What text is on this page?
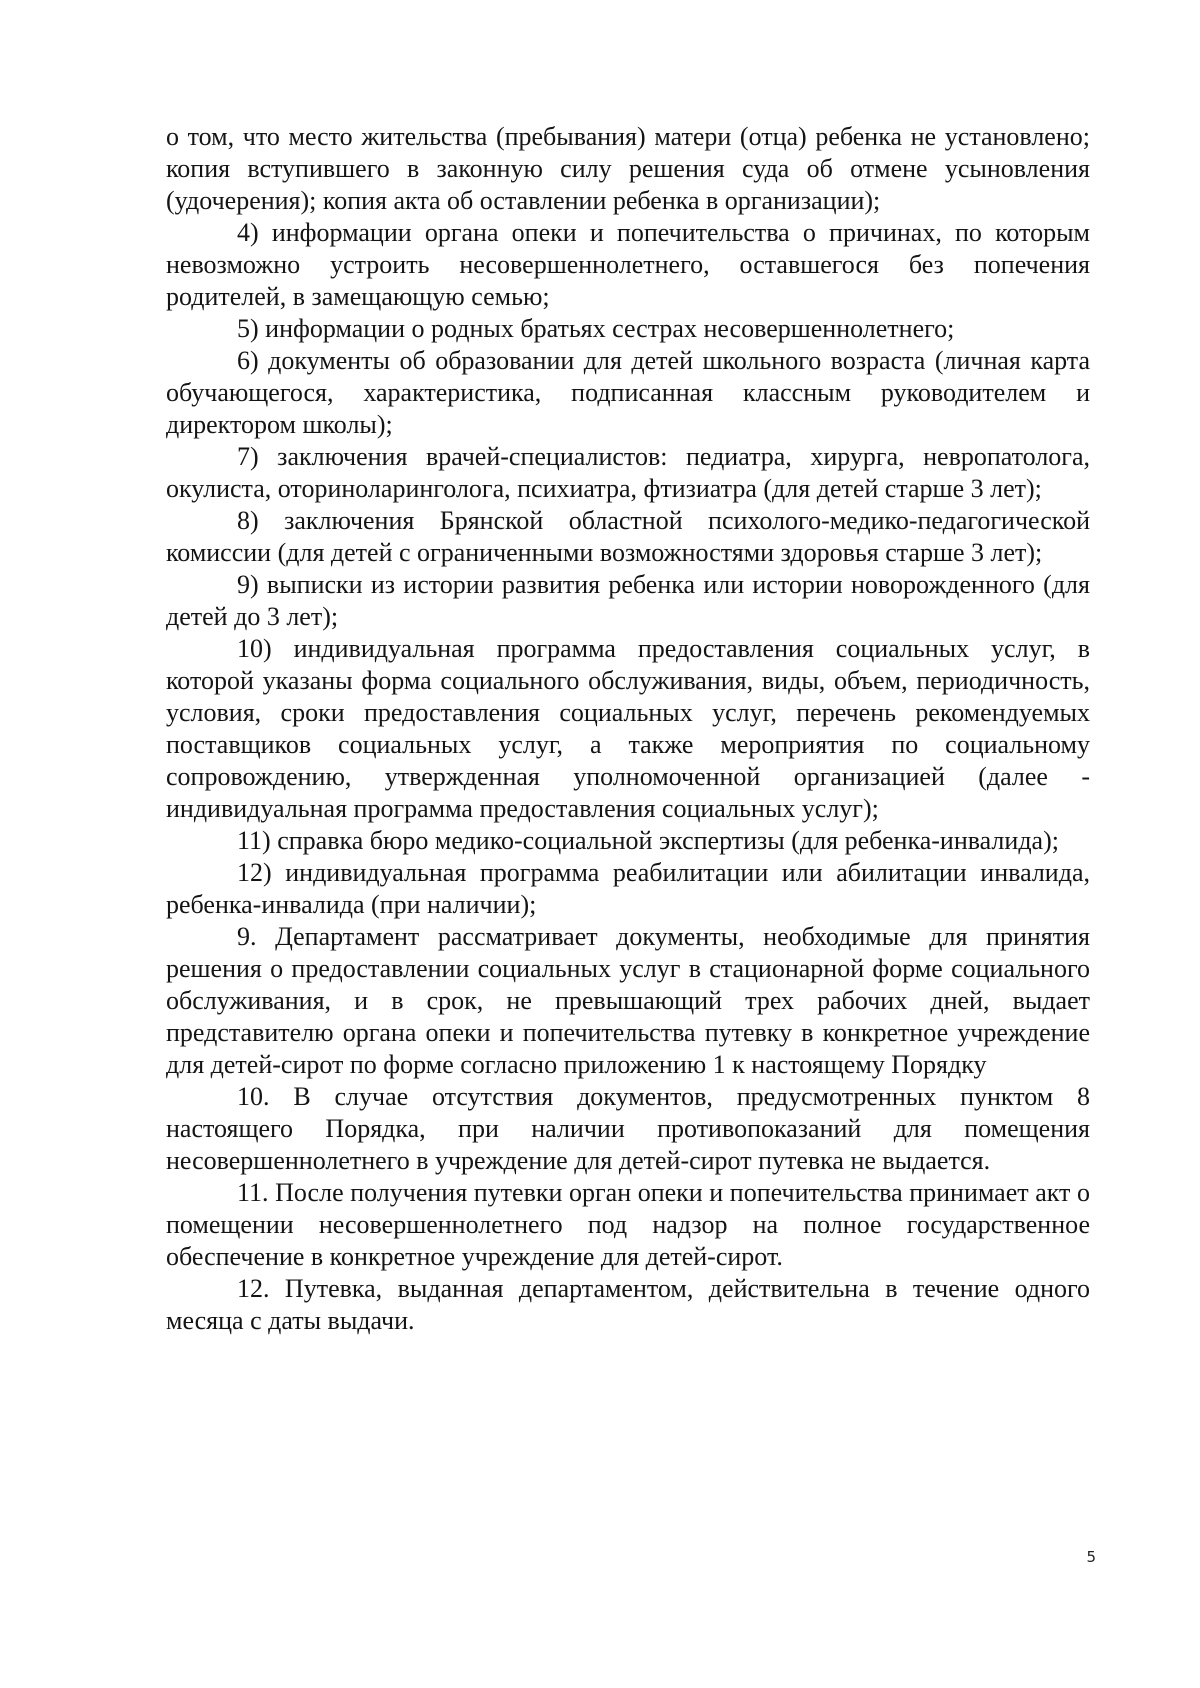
о том, что место жительства (пребывания) матери (отца) ребенка не установлено; копия вступившего в законную силу решения суда об отмене усыновления (удочерения); копия акта об оставлении ребенка в организации);

4) информации органа опеки и попечительства о причинах, по которым невозможно устроить несовершеннолетнего, оставшегося без попечения родителей, в замещающую семью;

5) информации о родных братьях сестрах несовершеннолетнего;

6) документы об образовании для детей школьного возраста (личная карта обучающегося, характеристика, подписанная классным руководителем и директором школы);

7) заключения врачей-специалистов: педиатра, хирурга, невропатолога, окулиста, оториноларинголога, психиатра, фтизиатра (для детей старше 3 лет);

8) заключения Брянской областной психолого-медико-педагогической комиссии (для детей с ограниченными возможностями здоровья старше 3 лет);

9) выписки из истории развития ребенка или истории новорожденного (для детей до 3 лет);

10) индивидуальная программа предоставления социальных услуг, в которой указаны форма социального обслуживания, виды, объем, периодичность, условия, сроки предоставления социальных услуг, перечень рекомендуемых поставщиков социальных услуг, а также мероприятия по социальному сопровождению, утвержденная уполномоченной организацией (далее - индивидуальная программа предоставления социальных услуг);

11) справка бюро медико-социальной экспертизы (для ребенка-инвалида);

12) индивидуальная программа реабилитации или абилитации инвалида, ребенка-инвалида (при наличии);

9. Департамент рассматривает документы, необходимые для принятия решения о предоставлении социальных услуг в стационарной форме социального обслуживания, и в срок, не превышающий трех рабочих дней, выдает представителю органа опеки и попечительства путевку в конкретное учреждение для детей-сирот по форме согласно приложению 1 к настоящему Порядку

10. В случае отсутствия документов, предусмотренных пунктом 8 настоящего Порядка, при наличии противопоказаний для помещения несовершеннолетнего в учреждение для детей-сирот путевка не выдается.

11. После получения путевки орган опеки и попечительства принимает акт о помещении несовершеннолетнего под надзор на полное государственное обеспечение в конкретное учреждение для детей-сирот.

12. Путевка, выданная департаментом, действительна в течение одного месяца с даты выдачи.

5
